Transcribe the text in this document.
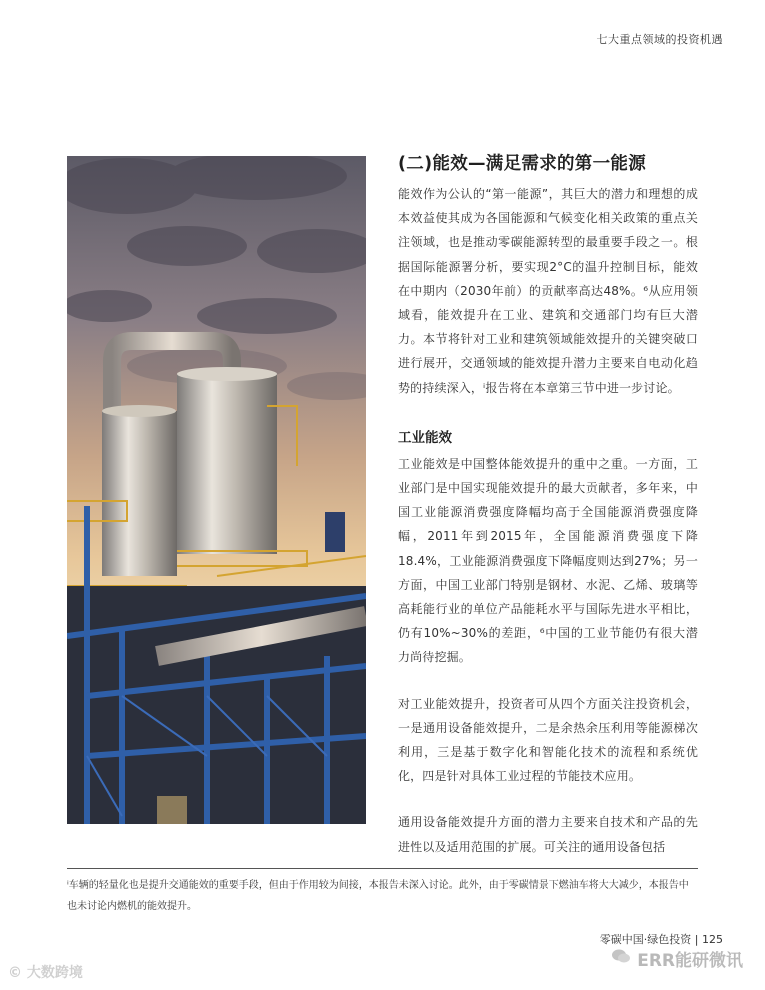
七大重点领域的投资机遇
(二)能效—满足需求的第一能源

能效作为公认的“第一能源”，其巨大的潜力和理想的成本效益使其成为各国能源和气候变化相关政策的重点关注领域，也是推动零碳能源转型的最重要手段之一。根据国际能源署分析，要实现2°C的温升控制目标，能效在中期内（2030年前）的贡献率高达48%。⁶从应用领域看，能效提升在工业、建筑和交通部门均有巨大潜力。本节将针对工业和建筑领域能效提升的关键突破口进行展开，交通领域的能效提升潜力主要来自电动化趋势的持续深入，ⁱ报告将在本章第三节中进一步讨论。

工业能效

工业能效是中国整体能效提升的重中之重。一方面，工业部门是中国实现能效提升的最大贡献者，多年来，中国工业能源消费强度降幅均高于全国能源消费强度降幅，2011年到2015年，全国能源消费强度下降18.4%，工业能源消费强度下降幅度则达到27%；另一方面，中国工业部门特别是钢材、水泥、乙烯、玻璃等高耗能行业的单位产品能耗水平与国际先进水平相比，仍有10%~30%的差距，⁶中国的工业节能仍有很大潜力尚待挖掘。

对工业能效提升，投资者可从四个方面关注投资机会，一是通用设备能效提升，二是余热余压利用等能源梯次利用，三是基于数字化和智能化技术的流程和系统优化，四是针对具体工业过程的节能技术应用。

通用设备能效提升方面的潜力主要来自技术和产品的先进性以及适用范围的扩展。可关注的通用设备包括

ⁱ车辆的轻量化也是提升交通能效的重要手段，但由于作用较为间接，本报告未深入讨论。此外，由于零碳情景下燃油车将大大减少，本报告中也未讨论内燃机的能效提升。
零碳中国·绿色投资 | 125
© 大数跨境
ERR能研微讯
